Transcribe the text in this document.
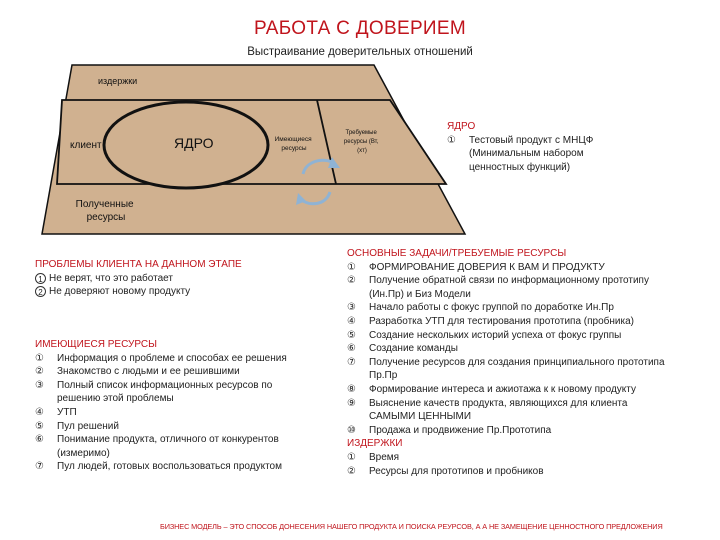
РАБОТА С ДОВЕРИЕМ
Выстраивание доверительных отношений
издержки
клиент	ЯДРО	Имеющиеся ресурсы
Требуемые ресурсы (Вт, (хт)
Полученные ресурсы
ЯДРО
①	Тестовый продукт с МНЦФ
(Минимальным набором
ценностных функций)
ПРОБЛЕМЫ КЛИЕНТА НА ДАННОМ ЭТАПЕ
1 Не верят, что это работает
2 Не доверяют новому продукту
ИМЕЮЩИЕСЯ РЕСУРСЫ
①	Информация о проблеме и способах ее решения
②	Знакомство с людьми и ее решившими
③	Полный список информационных ресурсов по
решению этой проблемы
④	УТП
⑤	Пул решений
⑥	Понимание продукта, отличного от конкурентов
(измеримо)
⑦	Пул людей, готовых воспользоваться продуктом
ОСНОВНЫЕ ЗАДАЧИ/ТРЕБУЕМЫЕ РЕСУРСЫ
①	ФОРМИРОВАНИЕ ДОВЕРИЯ К ВАМ И ПРОДУКТУ
②	Получение обратной связи по информационному прототипу
(Ин.Пр) и Биз Модели
③	Начало работы с фокус группой по доработке Ин.Пр
④	Разработка УТП для тестирования прототипа (пробника)
⑤	Создание нескольких историй успеха от фокус группы
⑥	Создание команды
⑦	Получение ресурсов для создания принципиального прототипа
Пр.Пр
⑧	Формирование интереса и ажиотажа к к новому продукту
⑨	Выяснение качеств продукта, являющихся для клиента
САМЫМИ ЦЕННЫМИ
⑩	Продажа и продвижение Пр.Прототипа
ИЗДЕРЖКИ
①	Время
②	Ресурсы для прототипов и пробников
БИЗНЕС МОДЕЛЬ – ЭТО СПОСОБ ДОНЕСЕНИЯ НАШЕГО ПРОДУКТА И ПОИСКА РЕУРСОВ, А А НЕ ЗАМЕЩЕНИЕ ЦЕННОСТНОГО ПРЕДЛОЖЕНИЯ
